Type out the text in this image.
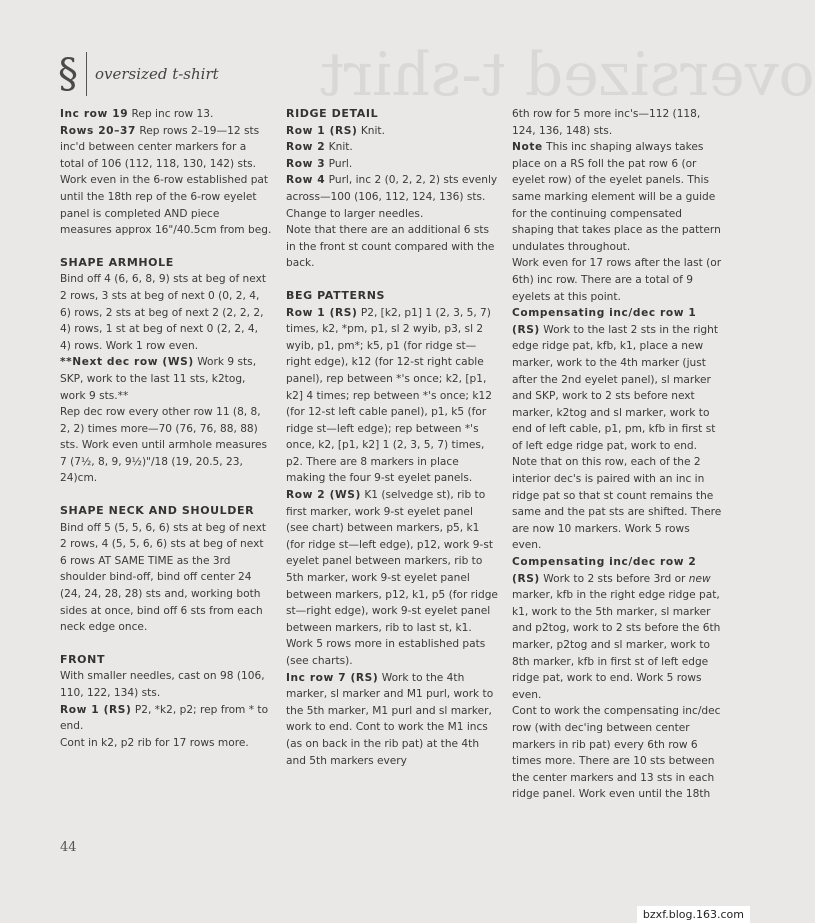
oversized t-shirt
§ oversized t-shirt

Inc row 19 Rep inc row 13.

Rows 20–37 Rep rows 2–19—12 sts inc'd between center markers for a total of 106 (112, 118, 130, 142) sts. Work even in the 6-row established pat until the 18th rep of the 6-row eyelet panel is completed AND piece measures approx 16"/40.5cm from beg.

SHAPE ARMHOLE

Bind off 4 (6, 6, 8, 9) sts at beg of next 2 rows, 3 sts at beg of next 0 (0, 2, 4, 6) rows, 2 sts at beg of next 2 (2, 2, 2, 4) rows, 1 st at beg of next 0 (2, 2, 4, 4) rows. Work 1 row even.

**Next dec row (WS) Work 9 sts, SKP, work to the last 11 sts, k2tog, work 9 sts.**

Rep dec row every other row 11 (8, 8, 2, 2) times more—70 (76, 76, 88, 88) sts. Work even until armhole measures 7 (7½, 8, 9, 9½)"/18 (19, 20.5, 23, 24)cm.

SHAPE NECK AND SHOULDER

Bind off 5 (5, 5, 6, 6) sts at beg of next 2 rows, 4 (5, 5, 6, 6) sts at beg of next 6 rows AT SAME TIME as the 3rd shoulder bind-off, bind off center 24 (24, 24, 28, 28) sts and, working both sides at once, bind off 6 sts from each neck edge once.

FRONT

With smaller needles, cast on 98 (106, 110, 122, 134) sts.

Row 1 (RS) P2, *k2, p2; rep from * to end.

Cont in k2, p2 rib for 17 rows more.

RIDGE DETAIL

Row 1 (RS) Knit.

Row 2 Knit.

Row 3 Purl.

Row 4 Purl, inc 2 (0, 2, 2, 2) sts evenly across—100 (106, 112, 124, 136) sts.

Change to larger needles.

Note that there are an additional 6 sts in the front st count compared with the back.

BEG PATTERNS

Row 1 (RS) P2, [k2, p1] 1 (2, 3, 5, 7) times, k2, *pm, p1, sl 2 wyib, p3, sl 2 wyib, p1, pm*; k5, p1 (for ridge st—right edge), k12 (for 12-st right cable panel), rep between *'s once; k2, [p1, k2] 4 times; rep between *'s once; k12 (for 12-st left cable panel), p1, k5 (for ridge st—left edge); rep between *'s once, k2, [p1, k2] 1 (2, 3, 5, 7) times, p2. There are 8 markers in place making the four 9-st eyelet panels.

Row 2 (WS) K1 (selvedge st), rib to first marker, work 9-st eyelet panel (see chart) between markers, p5, k1 (for ridge st—left edge), p12, work 9-st eyelet panel between markers, rib to 5th marker, work 9-st eyelet panel between markers, p12, k1, p5 (for ridge st—right edge), work 9-st eyelet panel between markers, rib to last st, k1. Work 5 rows more in established pats (see charts).

Inc row 7 (RS) Work to the 4th marker, sl marker and M1 purl, work to the 5th marker, M1 purl and sl marker, work to end. Cont to work the M1 incs (as on back in the rib pat) at the 4th and 5th markers every

6th row for 5 more inc's—112 (118, 124, 136, 148) sts.

Note This inc shaping always takes place on a RS foll the pat row 6 (or eyelet row) of the eyelet panels. This same marking element will be a guide for the continuing compensated shaping that takes place as the pattern undulates throughout.

Work even for 17 rows after the last (or 6th) inc row. There are a total of 9 eyelets at this point.

Compensating inc/dec row 1 (RS) Work to the last 2 sts in the right edge ridge pat, kfb, k1, place a new marker, work to the 4th marker (just after the 2nd eyelet panel), sl marker and SKP, work to 2 sts before next marker, k2tog and sl marker, work to end of left cable, p1, pm, kfb in first st of left edge ridge pat, work to end. Note that on this row, each of the 2 interior dec's is paired with an inc in ridge pat so that st count remains the same and the pat sts are shifted. There are now 10 markers. Work 5 rows even.

Compensating inc/dec row 2 (RS) Work to 2 sts before 3rd or new marker, kfb in the right edge ridge pat, k1, work to the 5th marker, sl marker and p2tog, work to 2 sts before the 6th marker, p2tog and sl marker, work to 8th marker, kfb in first st of left edge ridge pat, work to end. Work 5 rows even.

Cont to work the compensating inc/dec row (with dec'ing between center markers in rib pat) every 6th row 6 times more. There are 10 sts between the center markers and 13 sts in each ridge panel. Work even until the 18th

44
bzxf.blog.163.com
